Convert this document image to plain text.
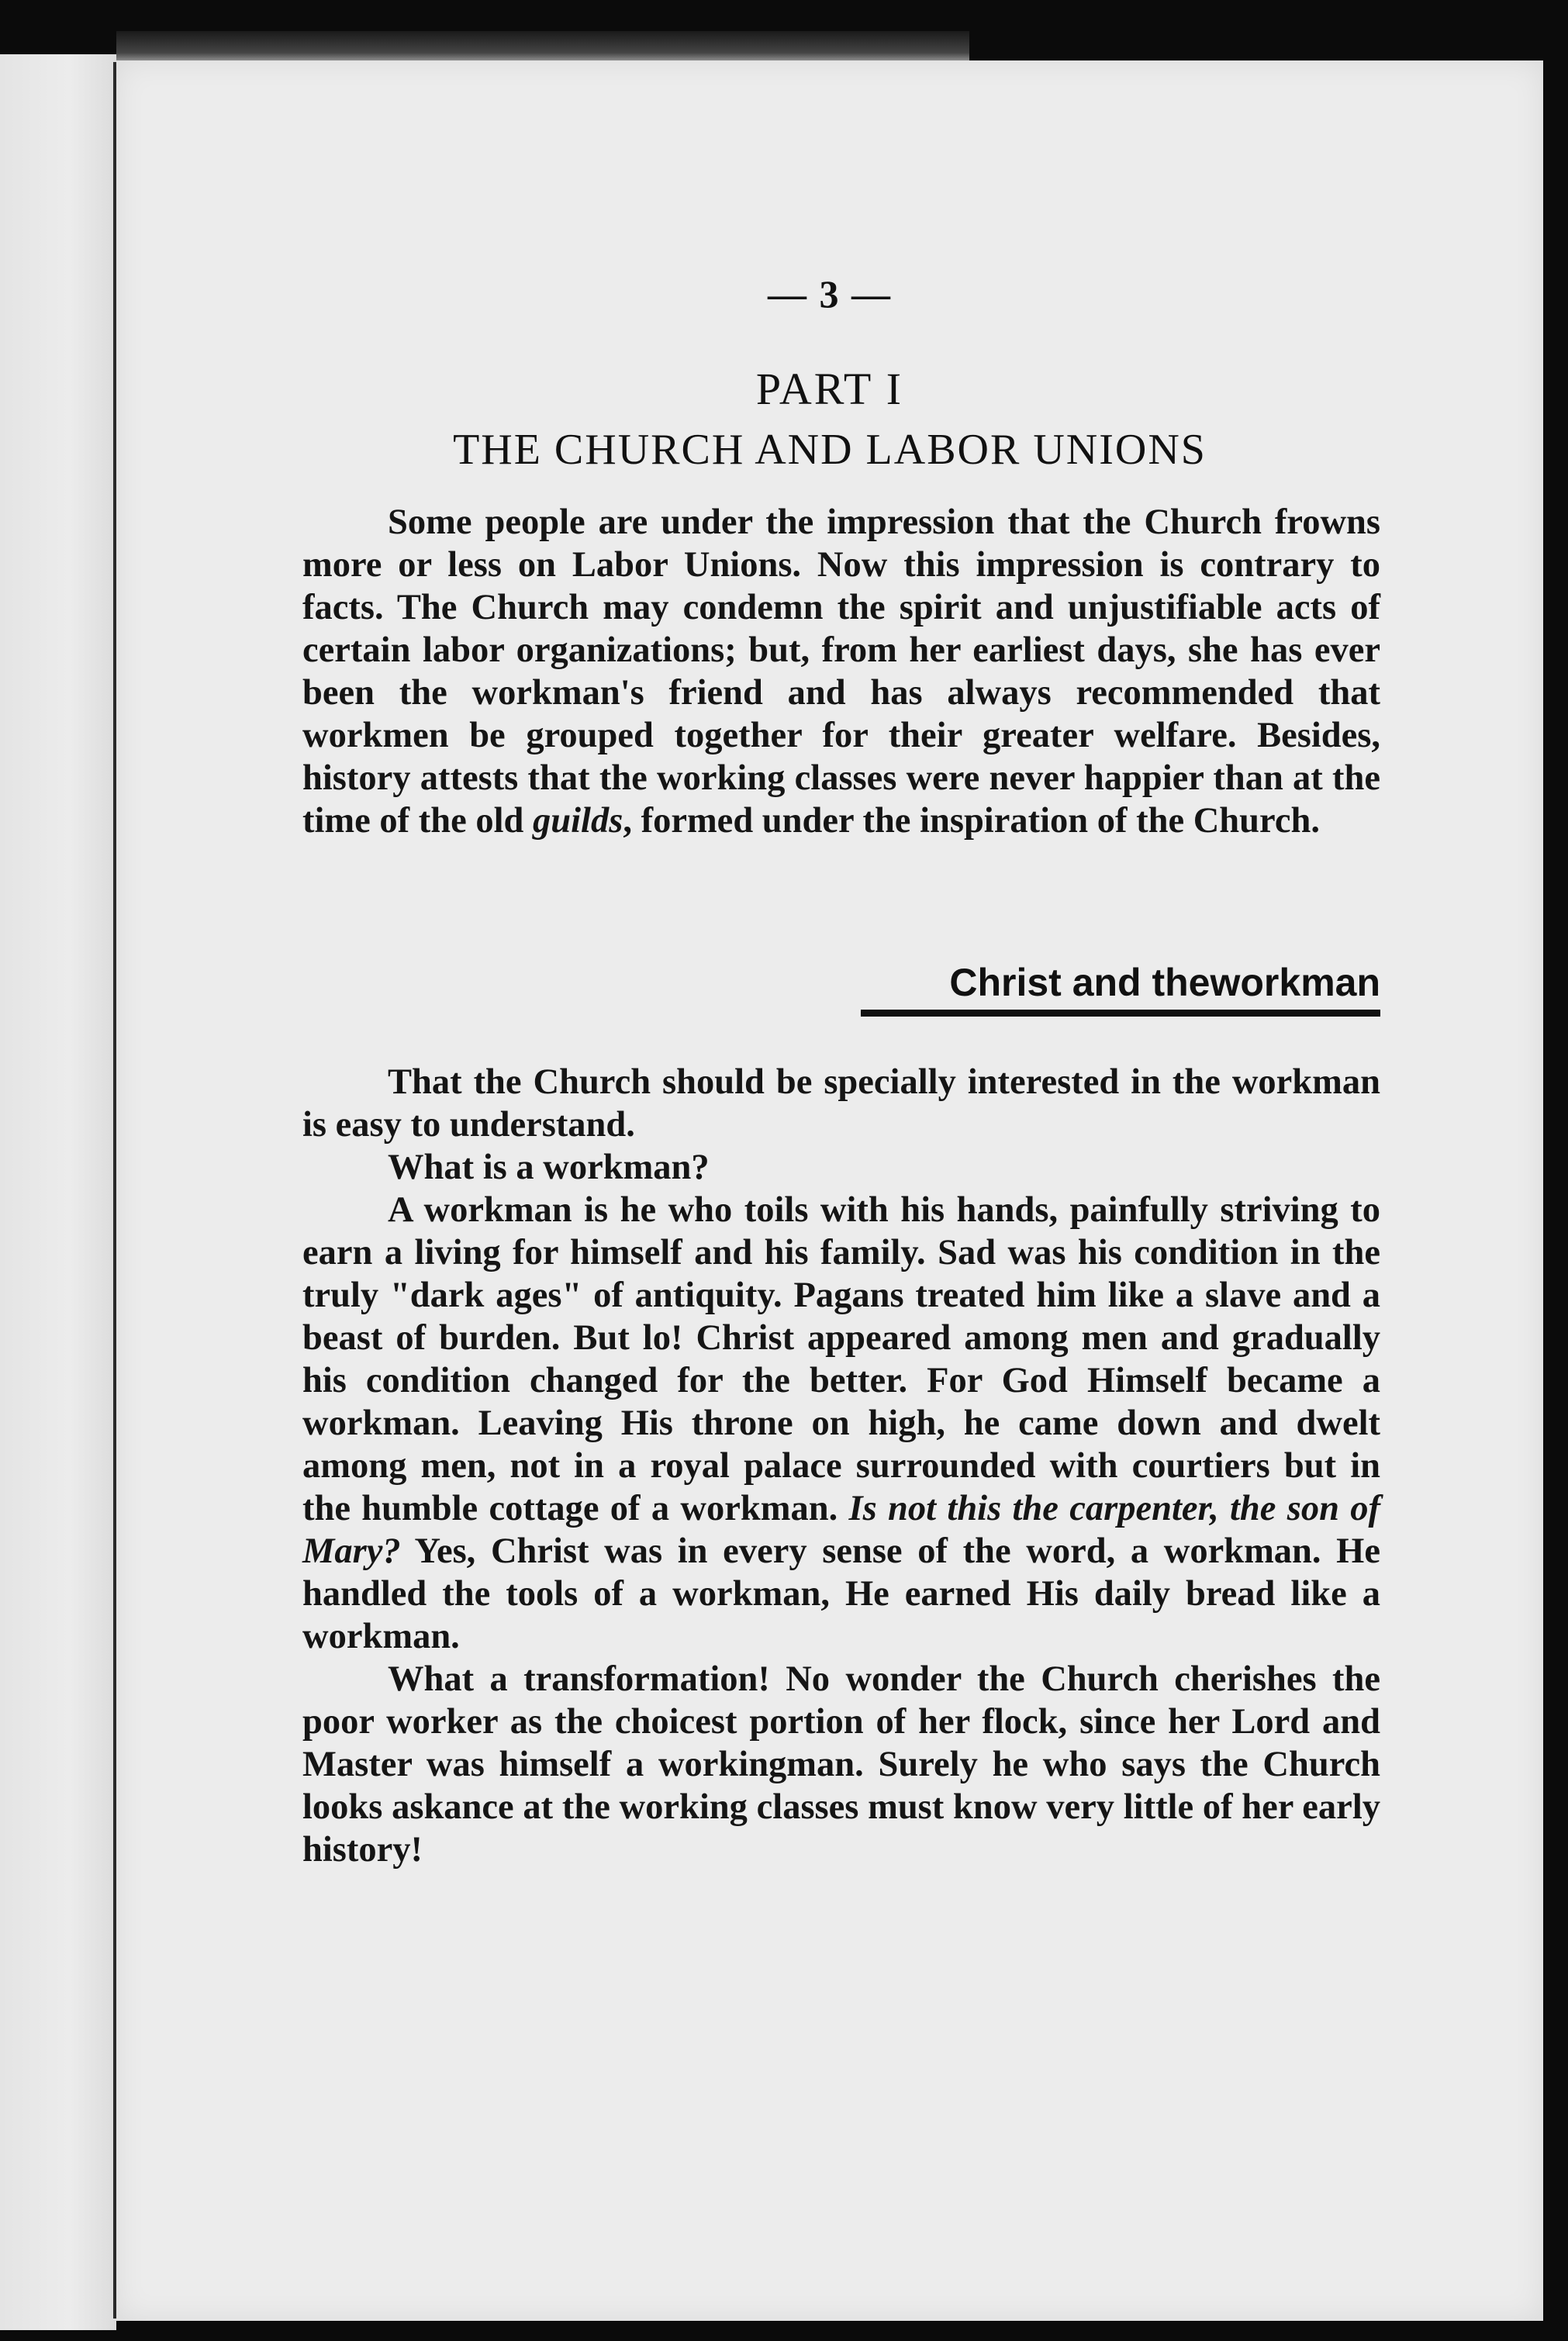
— 3 —
PART I
THE CHURCH AND LABOR UNIONS

Some people are under the impression that the Church frowns more or less on Labor Unions. Now this impression is contrary to facts. The Church may condemn the spirit and unjustifiable acts of certain labor organizations; but, from her earliest days, she has ever been the workman's friend and has always recommended that workmen be grouped together for their greater welfare. Besides, history attests that the working classes were never happier than at the time of the old guilds, formed under the inspiration of the Church.

Christ and theworkman

That the Church should be specially interested in the workman is easy to understand.

What is a workman?

A workman is he who toils with his hands, painfully striving to earn a living for himself and his family. Sad was his condition in the truly "dark ages" of antiquity. Pagans treated him like a slave and a beast of burden. But lo! Christ appeared among men and gradually his condition changed for the better. For God Himself became a workman. Leaving His throne on high, he came down and dwelt among men, not in a royal palace surrounded with courtiers but in the humble cottage of a workman. Is not this the carpenter, the son of Mary? Yes, Christ was in every sense of the word, a workman. He handled the tools of a workman, He earned His daily bread like a workman.

What a transformation! No wonder the Church cherishes the poor worker as the choicest portion of her flock, since her Lord and Master was himself a workingman. Surely he who says the Church looks askance at the working classes must know very little of her early history!
